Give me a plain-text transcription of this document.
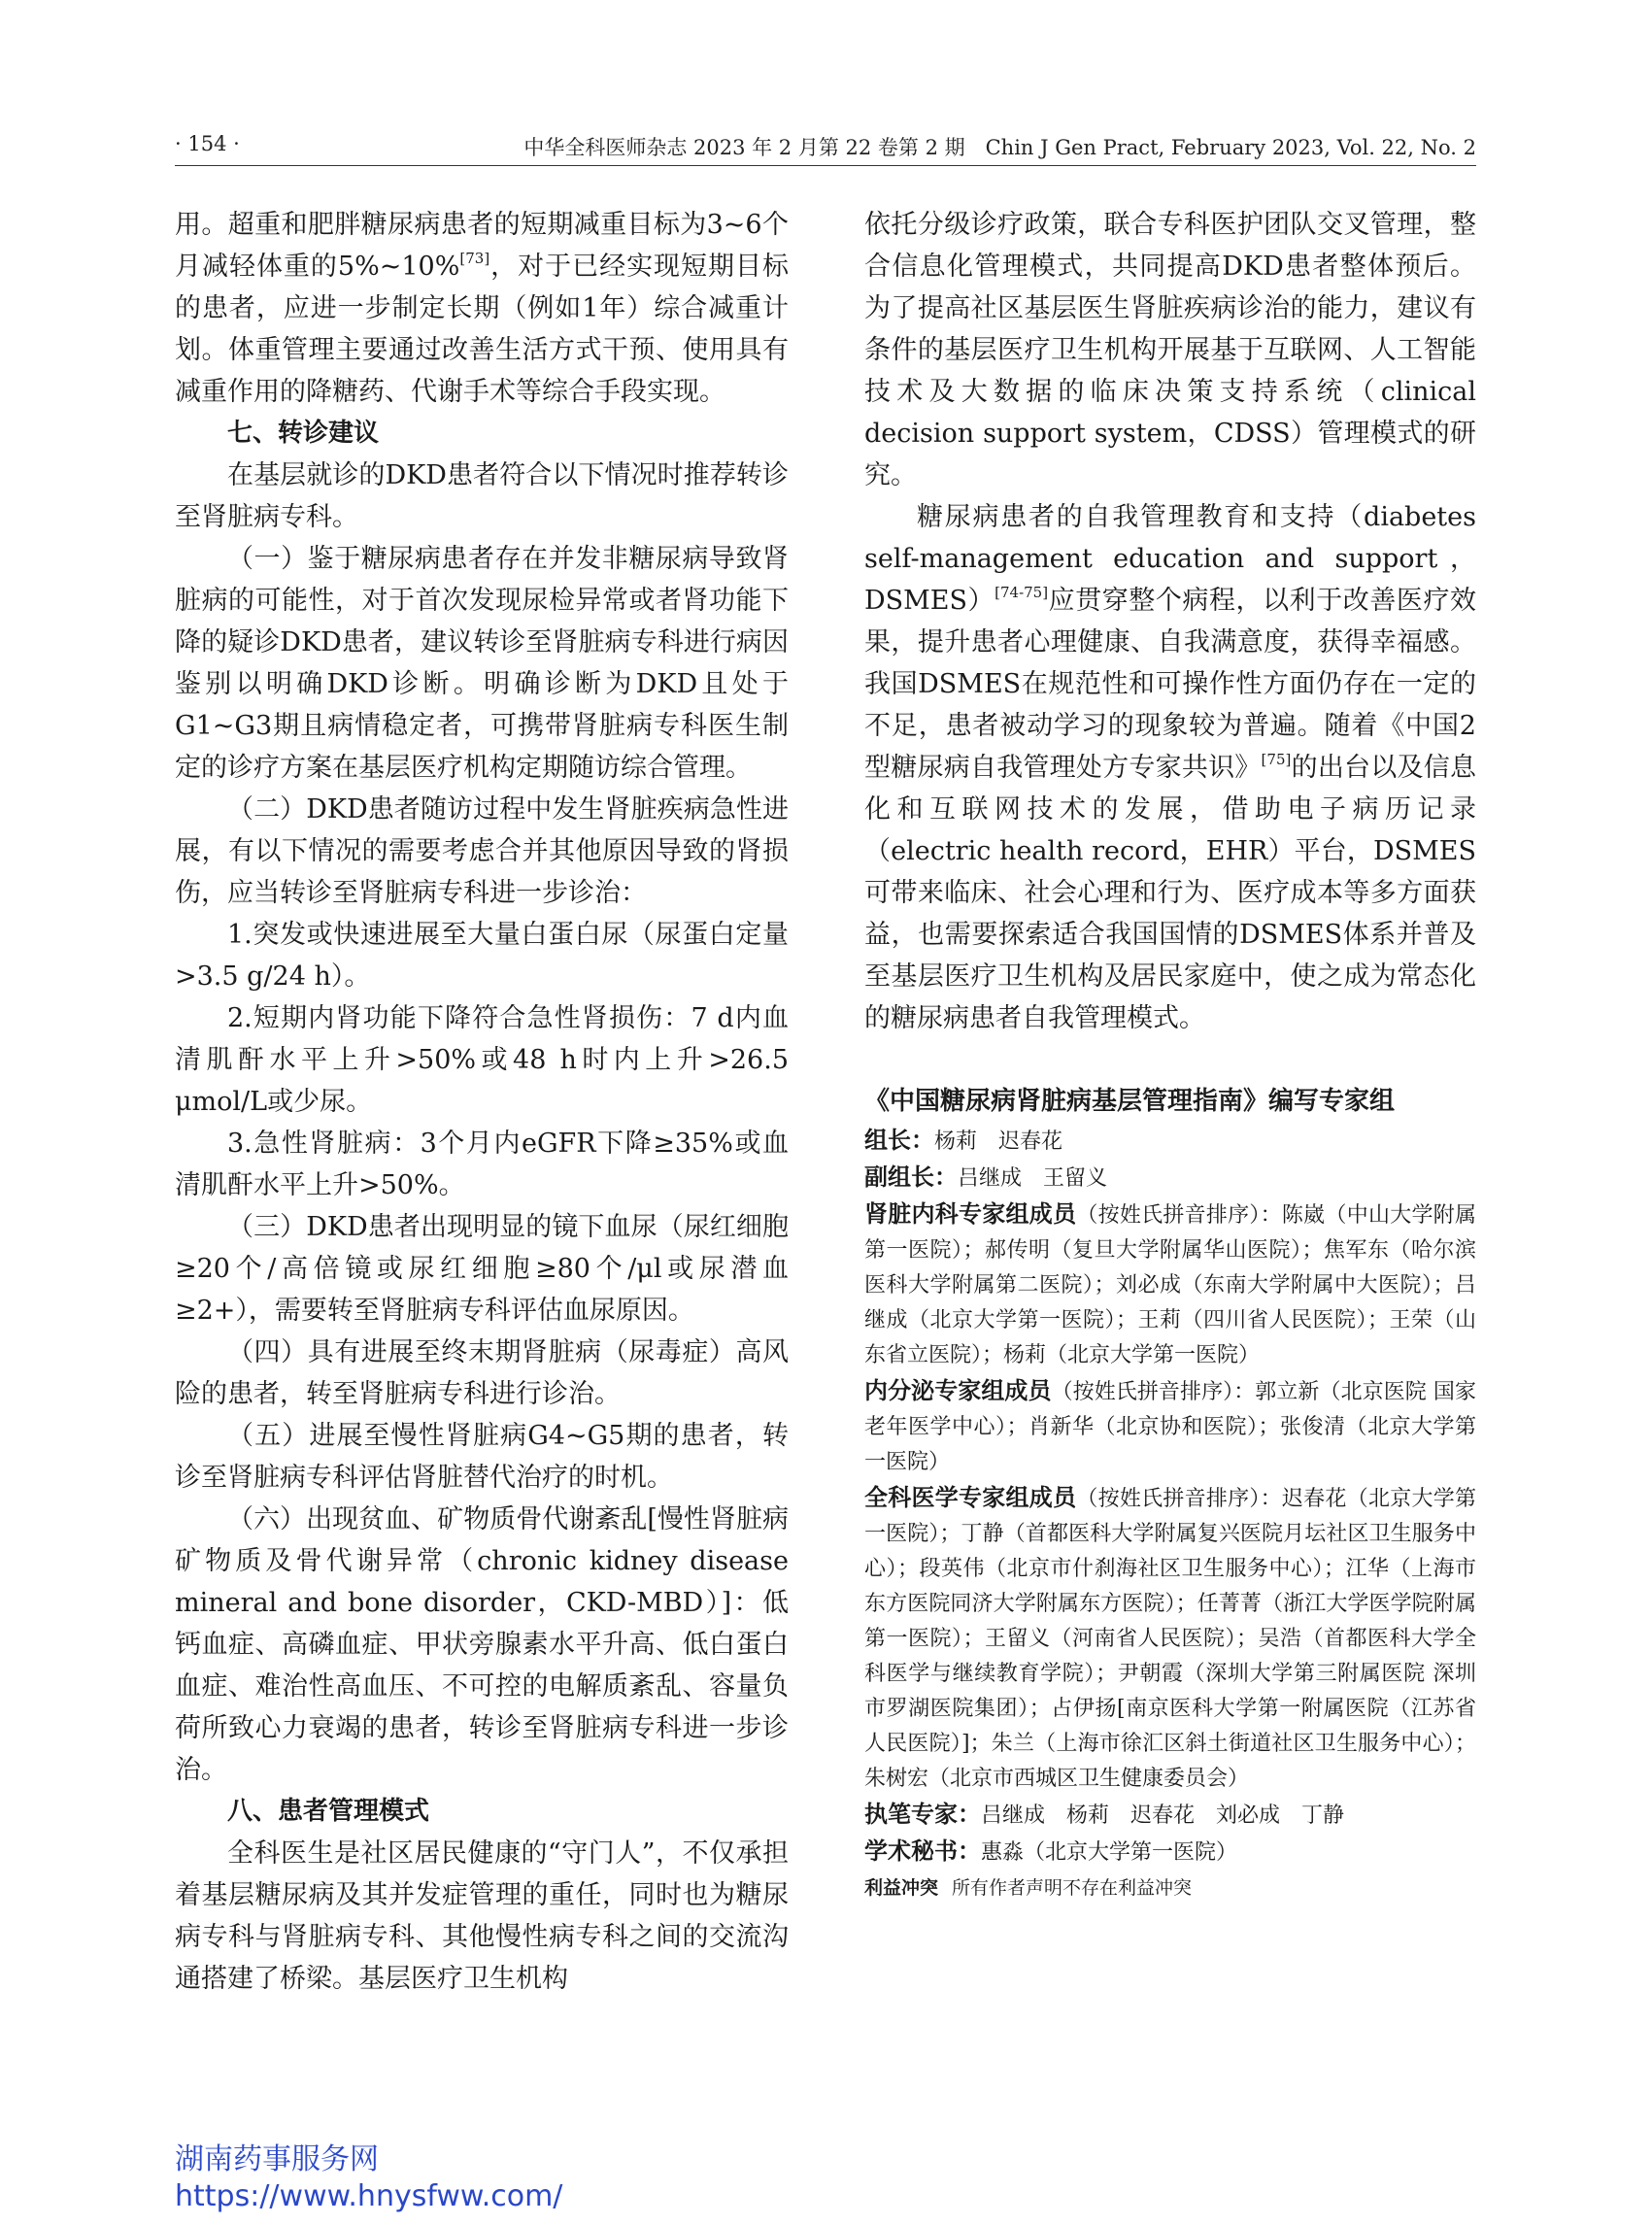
· 154 ·	中华全科医师杂志 2023 年 2 月第 22 卷第 2 期　Chin J Gen Pract, February 2023, Vol. 22, No. 2

用。超重和肥胖糖尿病患者的短期减重目标为3~6个月减轻体重的5%~10%[73]，对于已经实现短期目标的患者，应进一步制定长期（例如1年）综合减重计划。体重管理主要通过改善生活方式干预、使用具有减重作用的降糖药、代谢手术等综合手段实现。

七、转诊建议

在基层就诊的DKD患者符合以下情况时推荐转诊至肾脏病专科。

（一）鉴于糖尿病患者存在并发非糖尿病导致肾脏病的可能性，对于首次发现尿检异常或者肾功能下降的疑诊DKD患者，建议转诊至肾脏病专科进行病因鉴别以明确DKD诊断。明确诊断为DKD且处于G1~G3期且病情稳定者，可携带肾脏病专科医生制定的诊疗方案在基层医疗机构定期随访综合管理。

（二）DKD患者随访过程中发生肾脏疾病急性进展，有以下情况的需要考虑合并其他原因导致的肾损伤，应当转诊至肾脏病专科进一步诊治：

1.突发或快速进展至大量白蛋白尿（尿蛋白定量>3.5 g/24 h）。

2.短期内肾功能下降符合急性肾损伤：7 d内血清肌酐水平上升>50%或48 h时内上升>26.5 μmol/L或少尿。

3.急性肾脏病：3个月内eGFR下降≥35%或血清肌酐水平上升>50%。

（三）DKD患者出现明显的镜下血尿（尿红细胞≥20个/高倍镜或尿红细胞≥80个/μl或尿潜血≥2+），需要转至肾脏病专科评估血尿原因。

（四）具有进展至终末期肾脏病（尿毒症）高风险的患者，转至肾脏病专科进行诊治。

（五）进展至慢性肾脏病G4~G5期的患者，转诊至肾脏病专科评估肾脏替代治疗的时机。

（六）出现贫血、矿物质骨代谢紊乱[慢性肾脏病矿物质及骨代谢异常（chronic kidney disease mineral and bone disorder，CKD-MBD）]：低钙血症、高磷血症、甲状旁腺素水平升高、低白蛋白血症、难治性高血压、不可控的电解质紊乱、容量负荷所致心力衰竭的患者，转诊至肾脏病专科进一步诊治。

八、患者管理模式

全科医生是社区居民健康的“守门人”，不仅承担着基层糖尿病及其并发症管理的重任，同时也为糖尿病专科与肾脏病专科、其他慢性病专科之间的交流沟通搭建了桥梁。基层医疗卫生机构

依托分级诊疗政策，联合专科医护团队交叉管理，整合信息化管理模式，共同提高DKD患者整体预后。为了提高社区基层医生肾脏疾病诊治的能力，建议有条件的基层医疗卫生机构开展基于互联网、人工智能技术及大数据的临床决策支持系统（clinical decision support system，CDSS）管理模式的研究。

糖尿病患者的自我管理教育和支持（diabetes self-management education and support，DSMES）[74-75]应贯穿整个病程，以利于改善医疗效果，提升患者心理健康、自我满意度，获得幸福感。我国DSMES在规范性和可操作性方面仍存在一定的不足，患者被动学习的现象较为普遍。随着《中国2型糖尿病自我管理处方专家共识》[75]的出台以及信息化和互联网技术的发展，借助电子病历记录（electric health record，EHR）平台，DSMES可带来临床、社会心理和行为、医疗成本等多方面获益，也需要探索适合我国国情的DSMES体系并普及至基层医疗卫生机构及居民家庭中，使之成为常态化的糖尿病患者自我管理模式。

《中国糖尿病肾脏病基层管理指南》编写专家组

组长：杨莉　迟春花

副组长：吕继成　王留义

肾脏内科专家组成员（按姓氏拼音排序）：陈崴（中山大学附属第一医院）；郝传明（复旦大学附属华山医院）；焦军东（哈尔滨医科大学附属第二医院）；刘必成（东南大学附属中大医院）；吕继成（北京大学第一医院）；王莉（四川省人民医院）；王荣（山东省立医院）；杨莉（北京大学第一医院）

内分泌专家组成员（按姓氏拼音排序）：郭立新（北京医院 国家老年医学中心）；肖新华（北京协和医院）；张俊清（北京大学第一医院）

全科医学专家组成员（按姓氏拼音排序）：迟春花（北京大学第一医院）；丁静（首都医科大学附属复兴医院月坛社区卫生服务中心）；段英伟（北京市什刹海社区卫生服务中心）；江华（上海市东方医院同济大学附属东方医院）；任菁菁（浙江大学医学院附属第一医院）；王留义（河南省人民医院）；吴浩（首都医科大学全科医学与继续教育学院）；尹朝霞（深圳大学第三附属医院 深圳市罗湖医院集团）；占伊扬[南京医科大学第一附属医院（江苏省人民医院）]；朱兰（上海市徐汇区斜土街道社区卫生服务中心）；朱树宏（北京市西城区卫生健康委员会）

执笔专家：吕继成　杨莉　迟春花　刘必成　丁静

学术秘书：惠淼（北京大学第一医院）

利益冲突 所有作者声明不存在利益冲突

湖南药事服务网
https://www.hnysfww.com/
